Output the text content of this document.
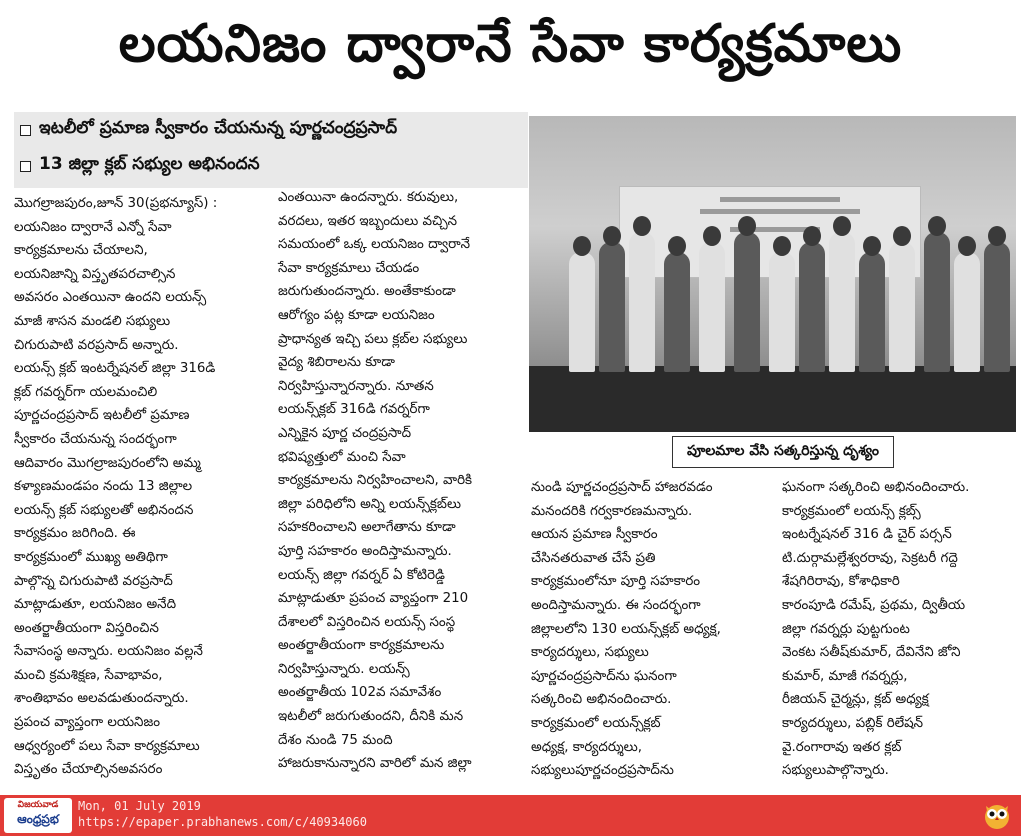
లయనిజం ద్వారానే సేవా కార్యక్రమాలు
ఇటలీలో ప్రమాణ స్వీకారం చేయనున్న పూర్ణచంద్రప్రసాద్
13 జిల్లా క్లబ్ సభ్యుల అభినందన
పూలమాల వేసి సత్కరిస్తున్న దృశ్యం
మొగల్రాజపురం,జూన్ 30(ప్రభన్యూస్) :
లయనిజం ద్వారానే ఎన్నో సేవా
కార్యక్రమాలను చేయాలని,
లయనిజాన్ని విస్తృతపరచాల్సిన
అవసరం ఎంతయినా ఉందని లయన్స్
మాజీ శాసన మండలి సభ్యులు
చిగురుపాటి వరప్రసాద్ అన్నారు.
లయన్స్ క్లబ్ ఇంటర్నేషనల్ జిల్లా 316డి
క్లబ్ గవర్నర్‌గా యలమంచిలి
పూర్ణచంద్రప్రసాద్ ఇటలీలో ప్రమాణ
స్వీకారం చేయనున్న సందర్భంగా
ఆదివారం మొగల్రాజపురంలోని అమ్మ
కళ్యాణమండపం నందు 13 జిల్లాల
లయన్స్ క్లబ్ సభ్యులతో అభినందన
కార్యక్రమం జరిగింది. ఈ
కార్యక్రమంలో ముఖ్య అతిథిగా
పాల్గొన్న చిగురుపాటి వరప్రసాద్
మాట్లాడుతూ, లయనిజం అనేది
అంతర్జాతీయంగా విస్తరించిన
సేవాసంస్థ అన్నారు. లయనిజం వల్లనే
మంచి క్రమశిక్షణ, సేవాభావం,
శాంతిభావం అలవడుతుందన్నారు.
ప్రపంచ వ్యాప్తంగా లయనిజం
ఆధ్వర్యంలో పలు సేవా కార్యక్రమాలు
విస్తృతం చేయాల్సినఅవసరం
ఎంతయినా ఉందన్నారు. కరువులు,
వరదలు, ఇతర ఇబ్బందులు వచ్చిన
సమయంలో ఒక్క లయనిజం ద్వారానే
సేవా కార్యక్రమాలు చేయడం
జరుగుతుందన్నారు. అంతేకాకుండా
ఆరోగ్యం పట్ల కూడా లయనిజం
ప్రాధాన్యత ఇచ్చి పలు క్లబ్‌ల సభ్యులు
వైద్య శిబిరాలను కూడా
నిర్వహిస్తున్నారన్నారు. నూతన
లయన్స్‌క్లబ్ 316డి గవర్నర్‌గా
ఎన్నికైన పూర్ణ చంద్రప్రసాద్
భవిష్యత్తులో మంచి సేవా
కార్యక్రమాలను నిర్వహించాలని, వారికి
జిల్లా పరిధిలోని అన్ని లయన్స్‌క్లబ్‌లు
సహకరించాలని అలాగేతాను కూడా
పూర్తి సహకారం అందిస్తామన్నారు.
లయన్స్ జిల్లా గవర్నర్ ఏ కోటిరెడ్డి
మాట్లాడుతూ ప్రపంచ వ్యాప్తంగా 210
దేశాలలో విస్తరించిన లయన్స్ సంస్థ
అంతర్జాతీయంగా కార్యక్రమాలను
నిర్వహిస్తున్నారు. లయన్స్
అంతర్జాతీయ 102వ సమావేశం
ఇటలీలో జరుగుతుందని, దీనికి మన
దేశం నుండి 75 మంది
హాజరుకానున్నారని వారిలో మన జిల్లా
నుండి పూర్ణచంద్రప్రసాద్ హాజరవడం
మనందరికి గర్వకారణమన్నారు.
ఆయన ప్రమాణ స్వీకారం
చేసినతరువాత చేసే ప్రతి
కార్యక్రమంలోనూ పూర్తి సహకారం
అందిస్తామన్నారు. ఈ సందర్భంగా
జిల్లాలలోని 130 లయన్స్‌క్లబ్ అధ్యక్ష,
కార్యదర్శులు, సభ్యులు
పూర్ణచంద్రప్రసాద్‌ను ఘనంగా
సత్కరించి అభినందించారు.
కార్యక్రమంలో లయన్స్‌క్లబ్
అధ్యక్ష, కార్యదర్శులు,
సభ్యులుపూర్ణచంద్రప్రసాద్‌ను
ఘనంగా సత్కరించి అభినందించారు.
కార్యక్రమంలో లయన్స్ క్లబ్స్
ఇంటర్నేషనల్ 316 డి చైర్ పర్సన్
టి.దుర్గామల్లేశ్వరరావు, సెక్రటరీ గద్దె
శేషగిరిరావు, కోశాధికారి
కారంపూడి రమేష్, ప్రథమ, ద్వితీయ
జిల్లా గవర్నర్లు పుట్టగుంట
వెంకట సతీష్‌కుమార్, దేవినేని జోని
కుమార్, మాజీ గవర్నర్లు,
రీజియన్ చైర్మన్లు, క్లబ్ అధ్యక్ష
కార్యదర్శులు, పబ్లిక్ రిలేషన్
వై.రంగారావు ఇతర క్లబ్
సభ్యులుపాల్గొన్నారు.
విజయవాడ
ఆంధ్రప్రభ
Mon, 01 July 2019
https://epaper.prabhanews.com/c/40934060
